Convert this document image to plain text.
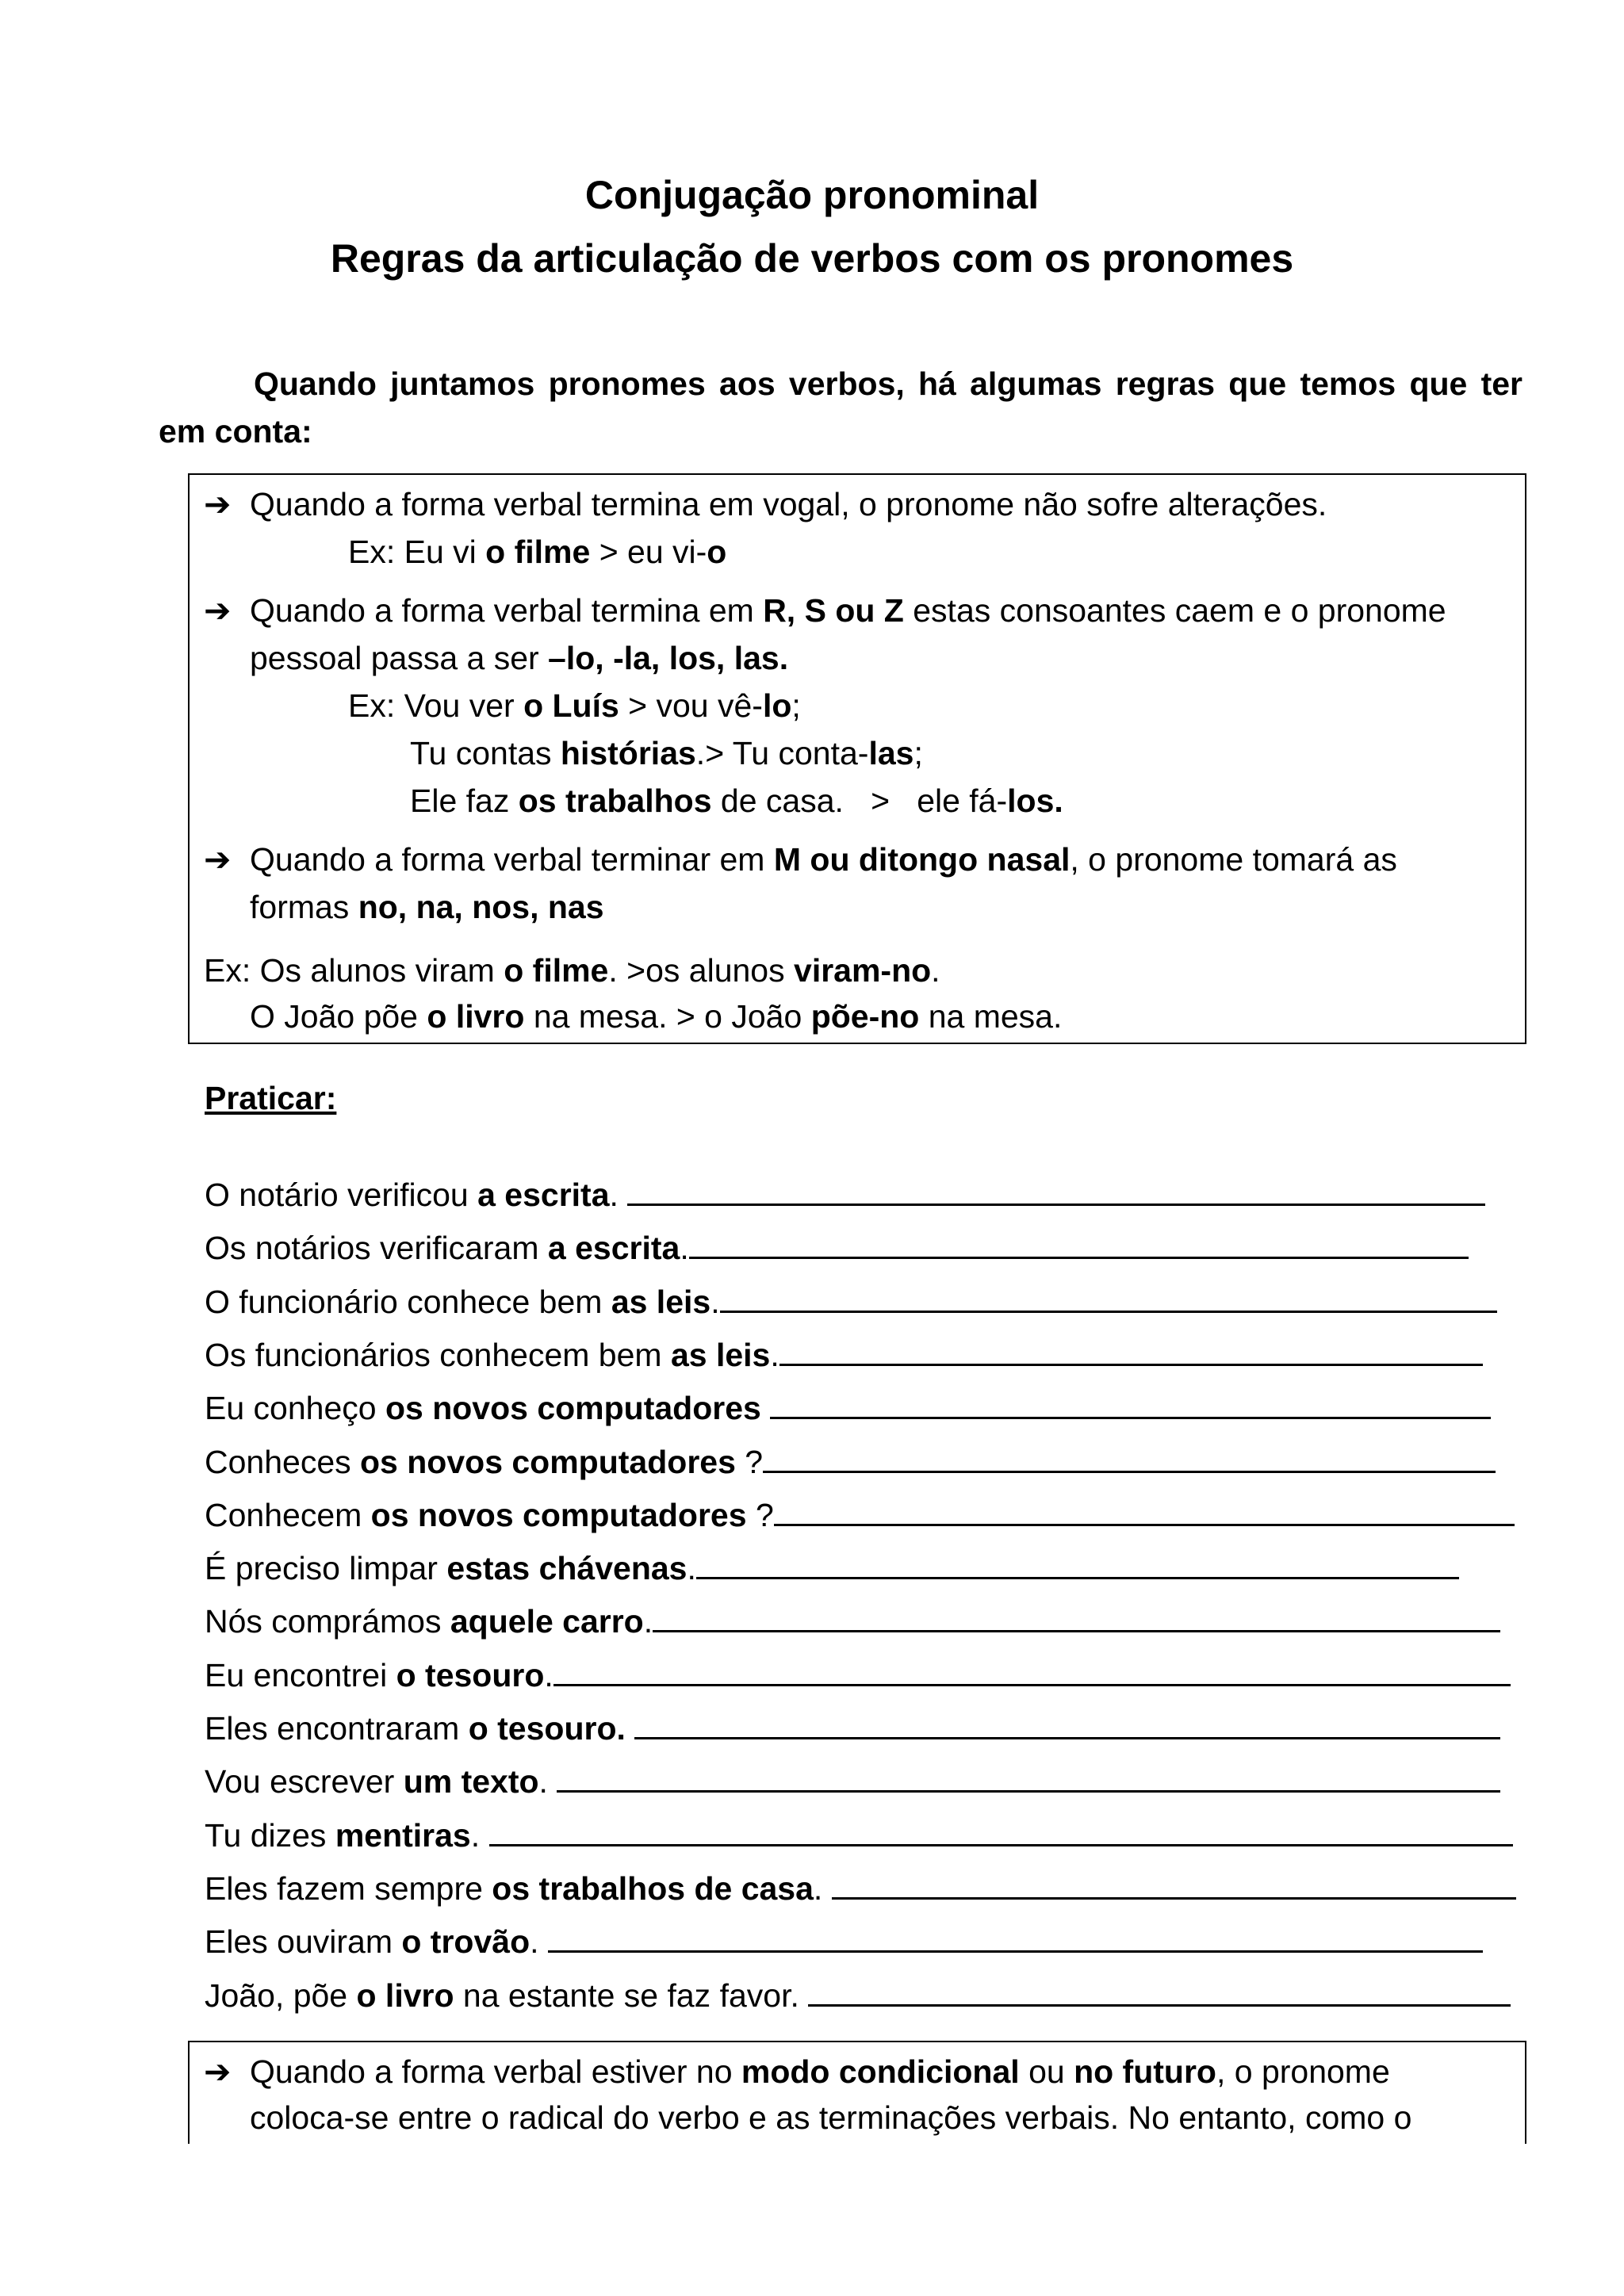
Conjugação pronominal
Regras da articulação de verbos com os pronomes
Quando juntamos pronomes aos verbos, há algumas regras que temos que ter
em conta:
➔ Quando a forma verbal termina em vogal, o pronome não sofre alterações.
Ex: Eu vi o filme > eu vi-o
➔ Quando a forma verbal termina em R, S ou Z estas consoantes caem e o pronome
pessoal passa a ser –lo, -la, los, las.
Ex: Vou ver o Luís > vou vê-lo;
Tu contas histórias.> Tu conta-las;
Ele faz os trabalhos de casa.   >   ele fá-los.
➔ Quando a forma verbal terminar em M ou ditongo nasal, o pronome tomará as
formas no, na, nos, nas
Ex: Os alunos viram o filme. >os alunos viram-no.
O João põe o livro na mesa. > o João põe-no na mesa.
Praticar:
O notário verificou a escrita.
Os notários verificaram a escrita.
O funcionário conhece bem as leis.
Os funcionários conhecem bem as leis.
Eu conheço os novos computadores
Conheces os novos computadores ?
Conhecem os novos computadores ?
É preciso limpar estas chávenas.
Nós comprámos aquele carro.
Eu encontrei o tesouro.
Eles encontraram o tesouro.
Vou escrever um texto.
Tu dizes mentiras.
Eles fazem sempre os trabalhos de casa.
Eles ouviram o trovão.
João, põe o livro na estante se faz favor.
➔ Quando a forma verbal estiver no modo condicional ou no futuro, o pronome
coloca-se entre o radical do verbo e as terminações verbais. No entanto, como o
